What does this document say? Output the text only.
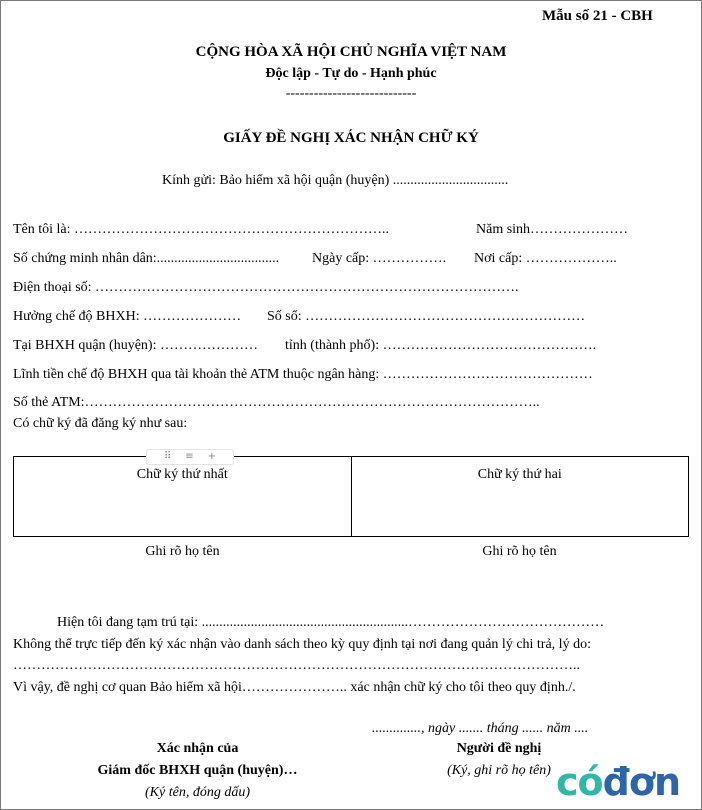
Mẫu số 21 - CBH
CỘNG HÒA XÃ HỘI CHỦ NGHĨA VIỆT NAM
Độc lập - Tự do - Hạnh phúc
----------------------------
GIẤY ĐỀ NGHỊ XÁC NHẬN CHỮ KÝ
Kính gửi: Bảo hiểm xã hội quận (huyện) .................................
Tên tôi là: …………………………………………………………..	Năm sinh…………………
Số chứng minh nhân dân:................................... Ngày cấp: ……………. Nơi cấp: ………………..
Điện thoại số: ……………………………………………………………………………….
Hưởng chế độ BHXH: ………………… Số sổ: ……………………………………………………
Tại BHXH quận (huyện): ………………… tỉnh (thành phố): ……………………………………….
Lĩnh tiền chế độ BHXH qua tài khoản thẻ ATM thuộc ngân hàng: ………………………………………
Số thẻ ATM:……………………………………………………………………………………..
Có chữ ký đã đăng ký như sau:
Chữ ký thứ nhất	Chữ ký thứ hai
⠿ ≡ +
Ghi rõ họ tên	Ghi rõ họ tên
Hiện tôi đang tạm trú tại: ...........................................................……………………………………
Không thể trực tiếp đến ký xác nhận vào danh sách theo kỳ quy định tại nơi đang quản lý chi trả, lý do:
…………………………………………………………………………………………………………..
Vì vậy, đề nghị cơ quan Bảo hiểm xã hội………………….. xác nhận chữ ký cho tôi theo quy định./.
.............., ngày ....... tháng ...... năm ....
Xác nhận của
Giám đốc BHXH quận (huyện)…
(Ký tên, đóng dấu)
Người đề nghị
(Ký, ghi rõ họ tên) cóđơn
